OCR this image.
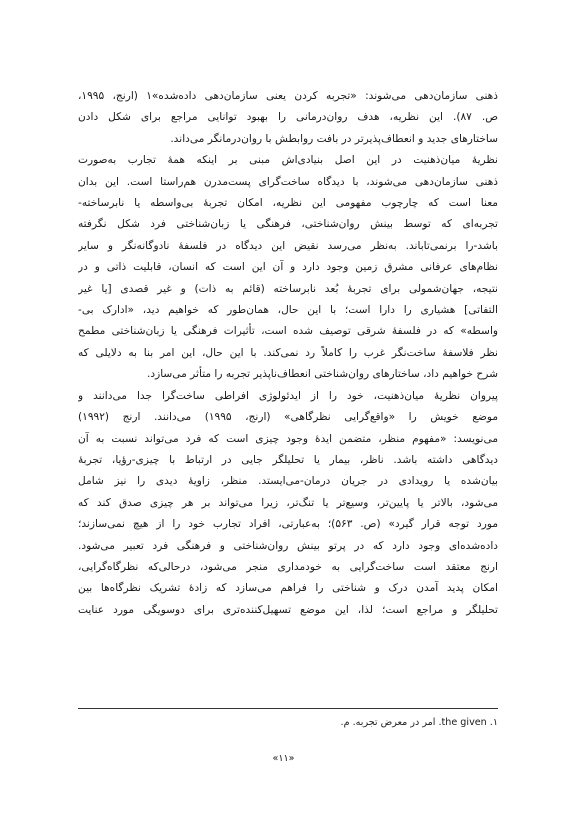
ذهنی سازمان‌دهی می‌شوند: «تجربه کردن یعنی سازمان‌دهی داده‌شده»۱ (ارنج، ۱۹۹۵،
ص. ۸۷). این نظریه، هدف روان‌درمانی را بهبود توانایی مراجع برای شکل دادن
ساختارهای جدید و انعطاف‌پذیرتر در بافت روابطش با روان‌درمانگر می‌داند.
نظریهٔ میان‌ذهنیت در این اصل بنیادی‌اش مبنی بر اینکه همهٔ تجارب به‌صورت
ذهنی سازمان‌دهی می‌شوند، با دیدگاه ساخت‌گرای پست‌مدرن هم‌راستا است. این بدان
معنا است که چارچوب مفهومی این نظریه، امکان تجربهٔ بی‌واسطه یا نابرساخته-
تجربه‌ای که توسط بینش روان‌شناختی، فرهنگی یا زبان‌شناختی فرد شکل نگرفته
باشد-را برنمی‌تاباند. به‌نظر می‌رسد نقیض این دیدگاه در فلسفهٔ نادوگانه‌نگر و سایر
نظام‌های عرفانی مشرق زمین وجود دارد و آن این است که انسان، قابلیت ذاتی و در
نتیجه، جهان‌شمولی برای تجربهٔ بُعد نابرساخته (قائم به ذات) و غیر قصدی [یا غیر
التفاتی] هشیاری را دارا است؛ با این حال، همان‌طور که خواهیم دید، «ادارک بی-
واسطه» که در فلسفهٔ شرقی توصیف شده است، تأثیرات فرهنگی یا زبان‌شناختی مطمح
نظر فلاسفهٔ ساخت‌نگر غرب را کاملاً رد نمی‌کند. با این حال، این امر بنا به دلایلی که
شرح خواهیم داد، ساختارهای روان‌شناختی انعطاف‌ناپذیر تجربه را متأثر می‌سازد.
پیروان نظریهٔ میان‌ذهنیت، خود را از ایدئولوژی افراطی ساخت‌گرا جدا می‌دانند و
موضع خویش را «واقع‌گرایی نظرگاهی» (ارنج، ۱۹۹۵) می‌دانند. ارنج (۱۹۹۲)
می‌نویسد: «مفهوم منظر، متضمن ایدهٔ وجود چیزی است که فرد می‌تواند نسبت به آن
دیدگاهی داشته باشد. ناظر، بیمار یا تحلیلگر جایی در ارتباط با چیزی-رؤیا، تجربهٔ
بیان‌شده یا رویدادی در جریان درمان-می‌ایستد. منظر، زاویهٔ دیدی را نیز شامل
می‌شود، بالاتر یا پایین‌تر، وسیع‌تر یا تنگ‌تر، زیرا می‌تواند بر هر چیزی صدق کند که
مورد توجه قرار گیرد» (ص. ۵۶۳)؛ به‌عبارتی، افراد تجارب خود را از هیچ نمی‌سازند؛
داده‌شده‌ای وجود دارد که در پرتو بینش روان‌شناختی و فرهنگی فرد تعبیر می‌شود.
ارنج معتقد است ساخت‌گرایی به خودمداری منجر می‌شود، درحالی‌که نظرگاه‌گرایی،
امکان پدید آمدن درک و شناختی را فراهم می‌سازد که زادهٔ تشریک نظرگاه‌ها بین
تحلیلگر و مراجع است؛ لذا، این موضع تسهیل‌کننده‌تری برای دوسویگی مورد عنایت
۱. the given. امر در معرض تجربه. م.
«۱۱»
